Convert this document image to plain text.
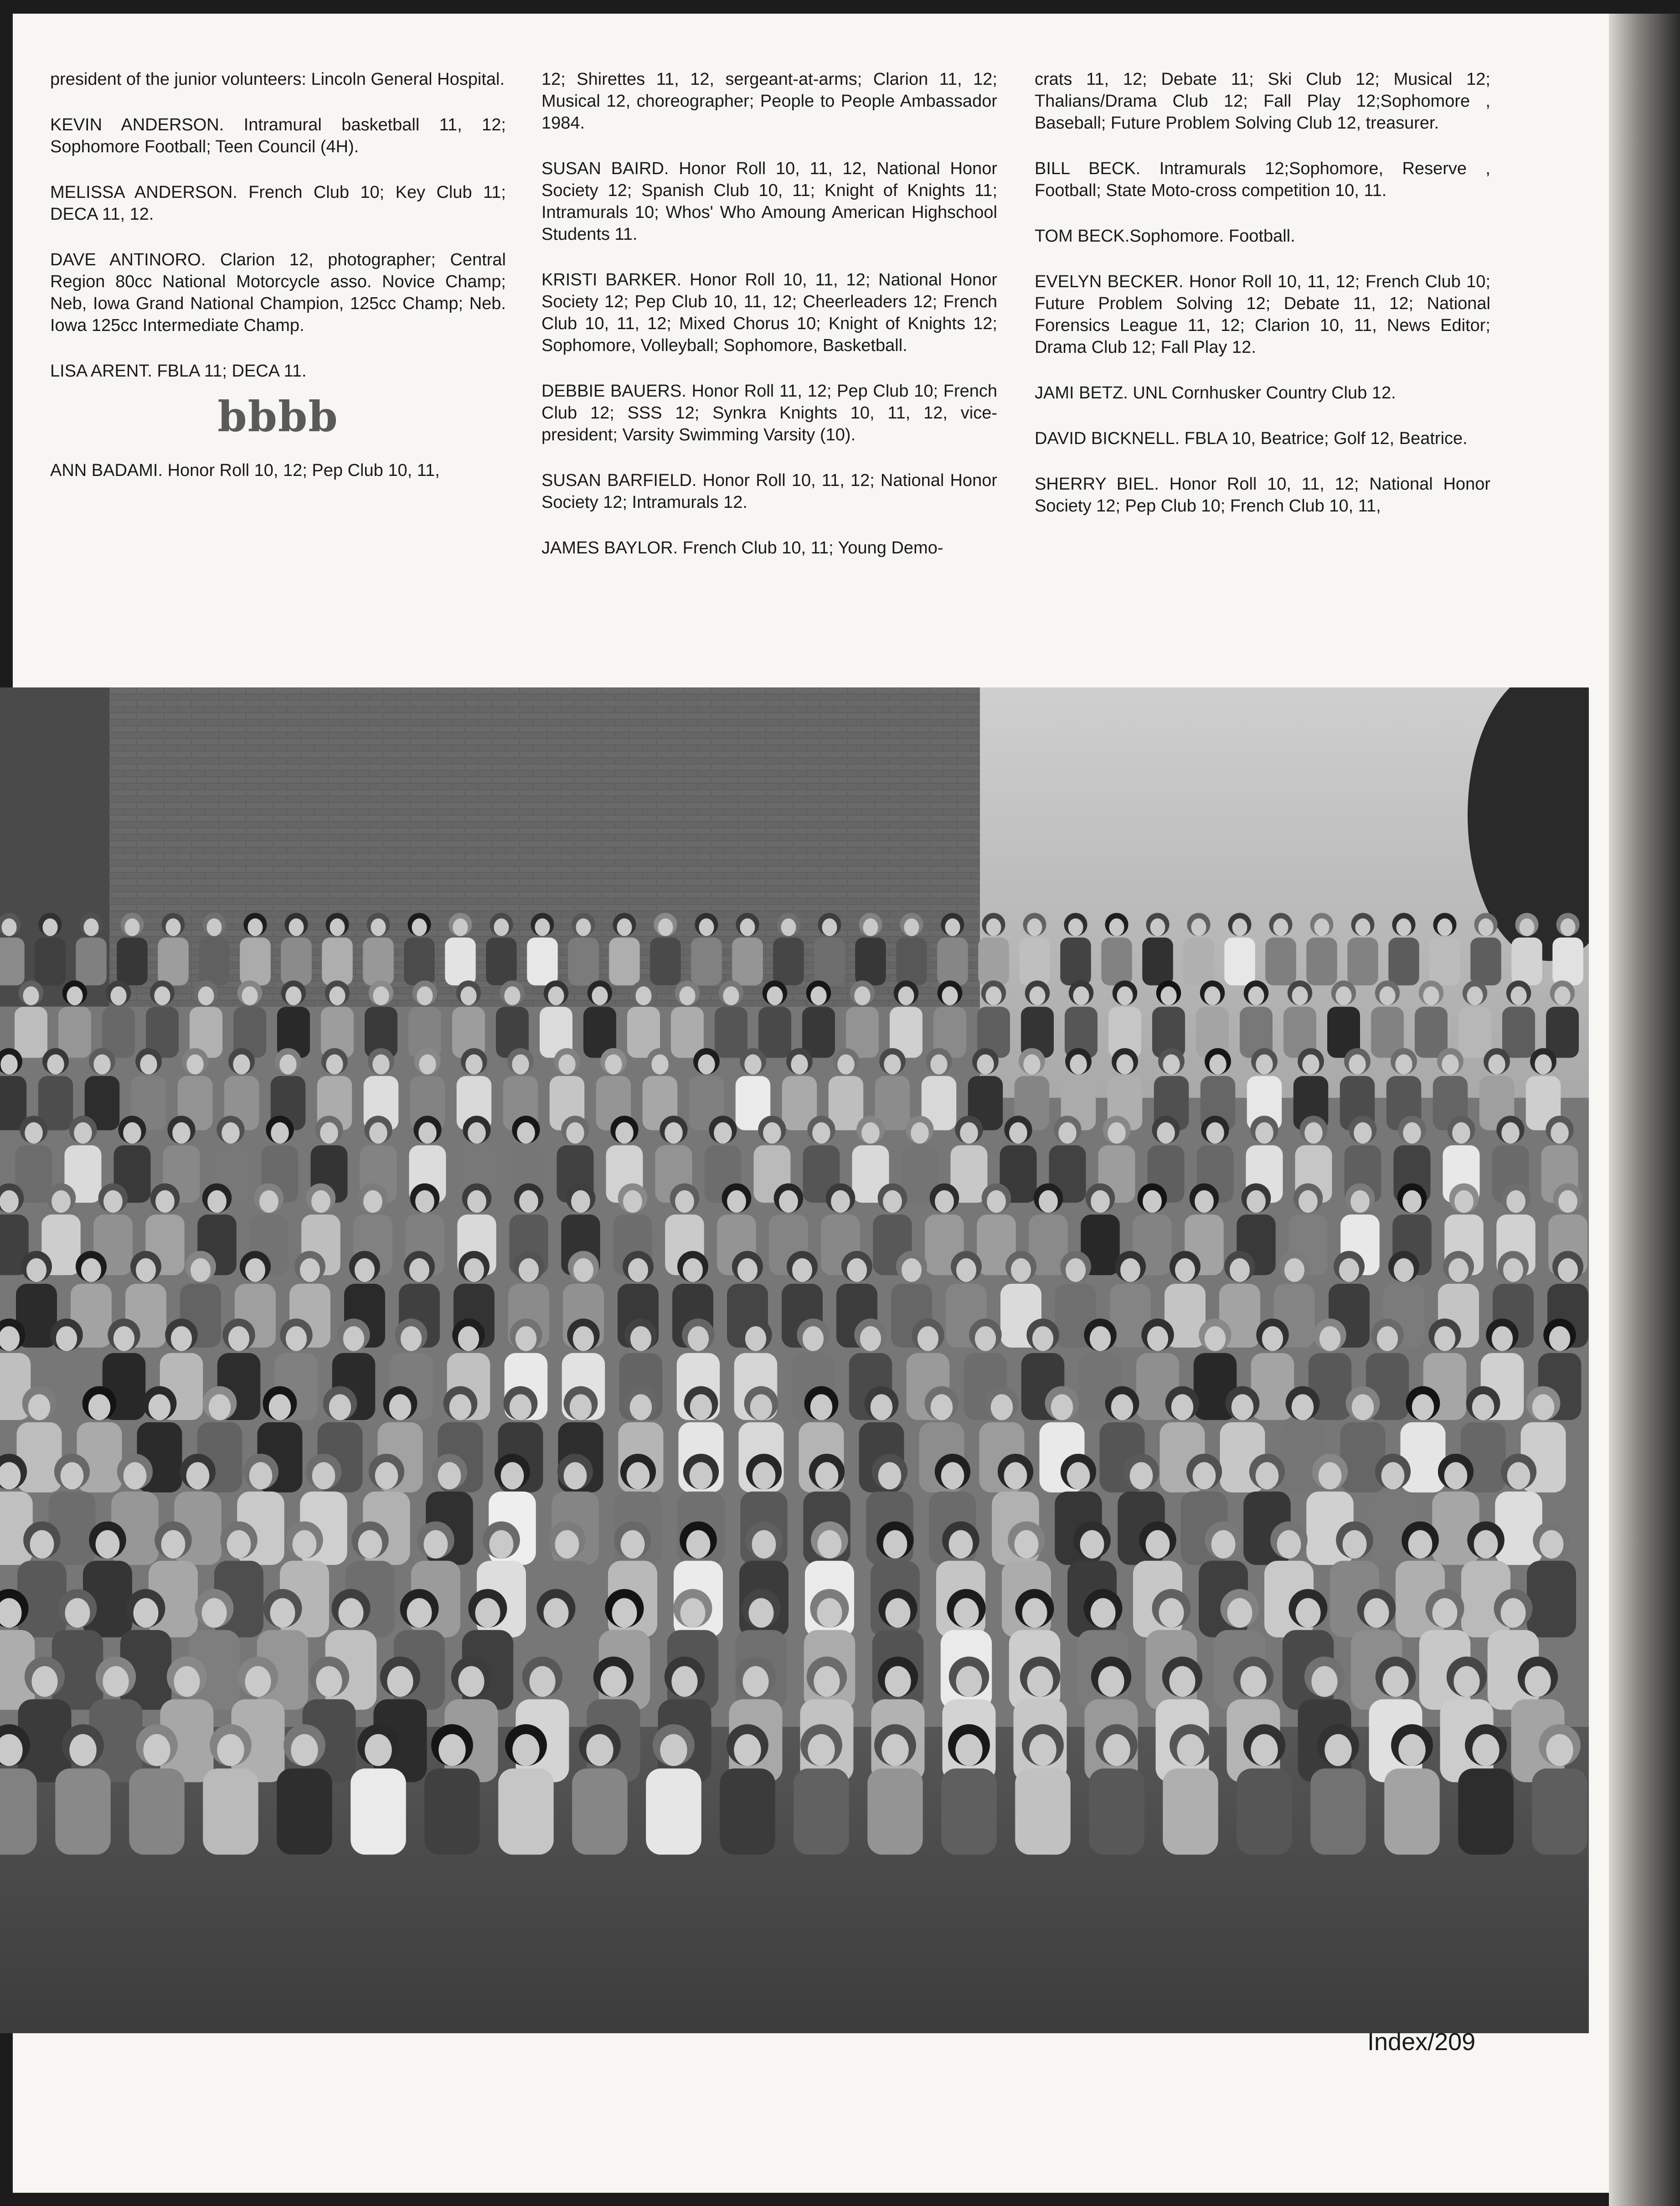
president of the junior volunteers: Lincoln General Hospital.

KEVIN ANDERSON. Intramural basketball 11, 12; Sophomore Football; Teen Council (4H).

MELISSA ANDERSON. French Club 10; Key Club 11; DECA 11, 12.

DAVE ANTINORO. Clarion 12, photographer; Central Region 80cc National Motorcycle asso. Novice Champ; Neb, Iowa Grand National Champion, 125cc Champ; Neb. Iowa 125cc Intermediate Champ.

LISA ARENT. FBLA 11; DECA 11.

bbbb

ANN BADAMI. Honor Roll 10, 12; Pep Club 10, 11,

12; Shirettes 11, 12, sergeant-at-arms; Clarion 11, 12; Musical 12, choreographer; People to People Ambassador 1984.

SUSAN BAIRD. Honor Roll 10, 11, 12, National Honor Society 12; Spanish Club 10, 11; Knight of Knights 11; Intramurals 10; Whos' Who Amoung American Highschool Students 11.

KRISTI BARKER. Honor Roll 10, 11, 12; National Honor Society 12; Pep Club 10, 11, 12; Cheerleaders 12; French Club 10, 11, 12; Mixed Chorus 10; Knight of Knights 12; Sophomore, Volleyball; Sophomore, Basketball.

DEBBIE BAUERS. Honor Roll 11, 12; Pep Club 10; French Club 12; SSS 12; Synkra Knights 10, 11, 12, vice-president; Varsity Swimming Varsity (10).

SUSAN BARFIELD. Honor Roll 10, 11, 12; National Honor Society 12; Intramurals 12.

JAMES BAYLOR. French Club 10, 11; Young Demo-

crats 11, 12; Debate 11; Ski Club 12; Musical 12; Thalians/Drama Club 12; Fall Play 12;Sophomore , Baseball; Future Problem Solving Club 12, treasurer.

BILL BECK. Intramurals 12;Sophomore, Reserve , Football; State Moto-cross competition 10, 11.

TOM BECK.Sophomore. Football.

EVELYN BECKER. Honor Roll 10, 11, 12; French Club 10; Future Problem Solving 12; Debate 11, 12; National Forensics League 11, 12; Clarion 10, 11, News Editor; Drama Club 12; Fall Play 12.

JAMI BETZ. UNL Cornhusker Country Club 12.

DAVID BICKNELL. FBLA 10, Beatrice; Golf 12, Beatrice.

SHERRY BIEL. Honor Roll 10, 11, 12; National Honor Society 12; Pep Club 10; French Club 10, 11,

Index/209
